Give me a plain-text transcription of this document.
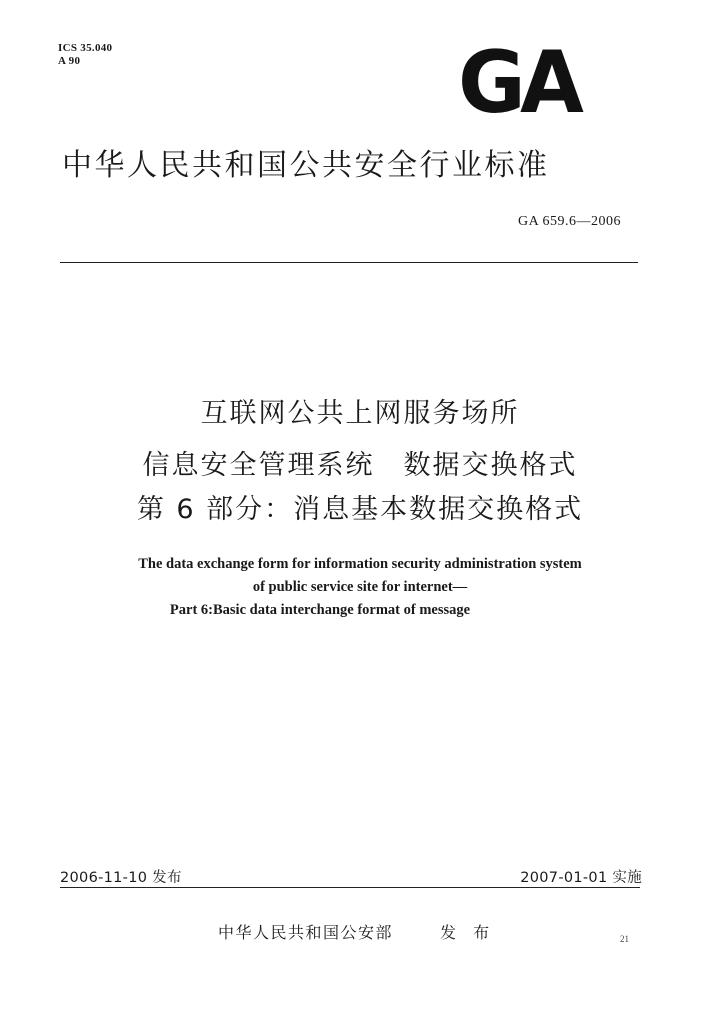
ICS 35.040
A 90	GA
中华人民共和国公共安全行业标准
GA 659.6—2006
互联网公共上网服务场所
信息安全管理系统　数据交换格式
第 6 部分：消息基本数据交换格式
The data exchange form for information security administration system
of public service site for internet—
Part 6:Basic data interchange format of message
2006-11-10 发布	2007-01-01 实施
中华人民共和国公安部	发 布	21
